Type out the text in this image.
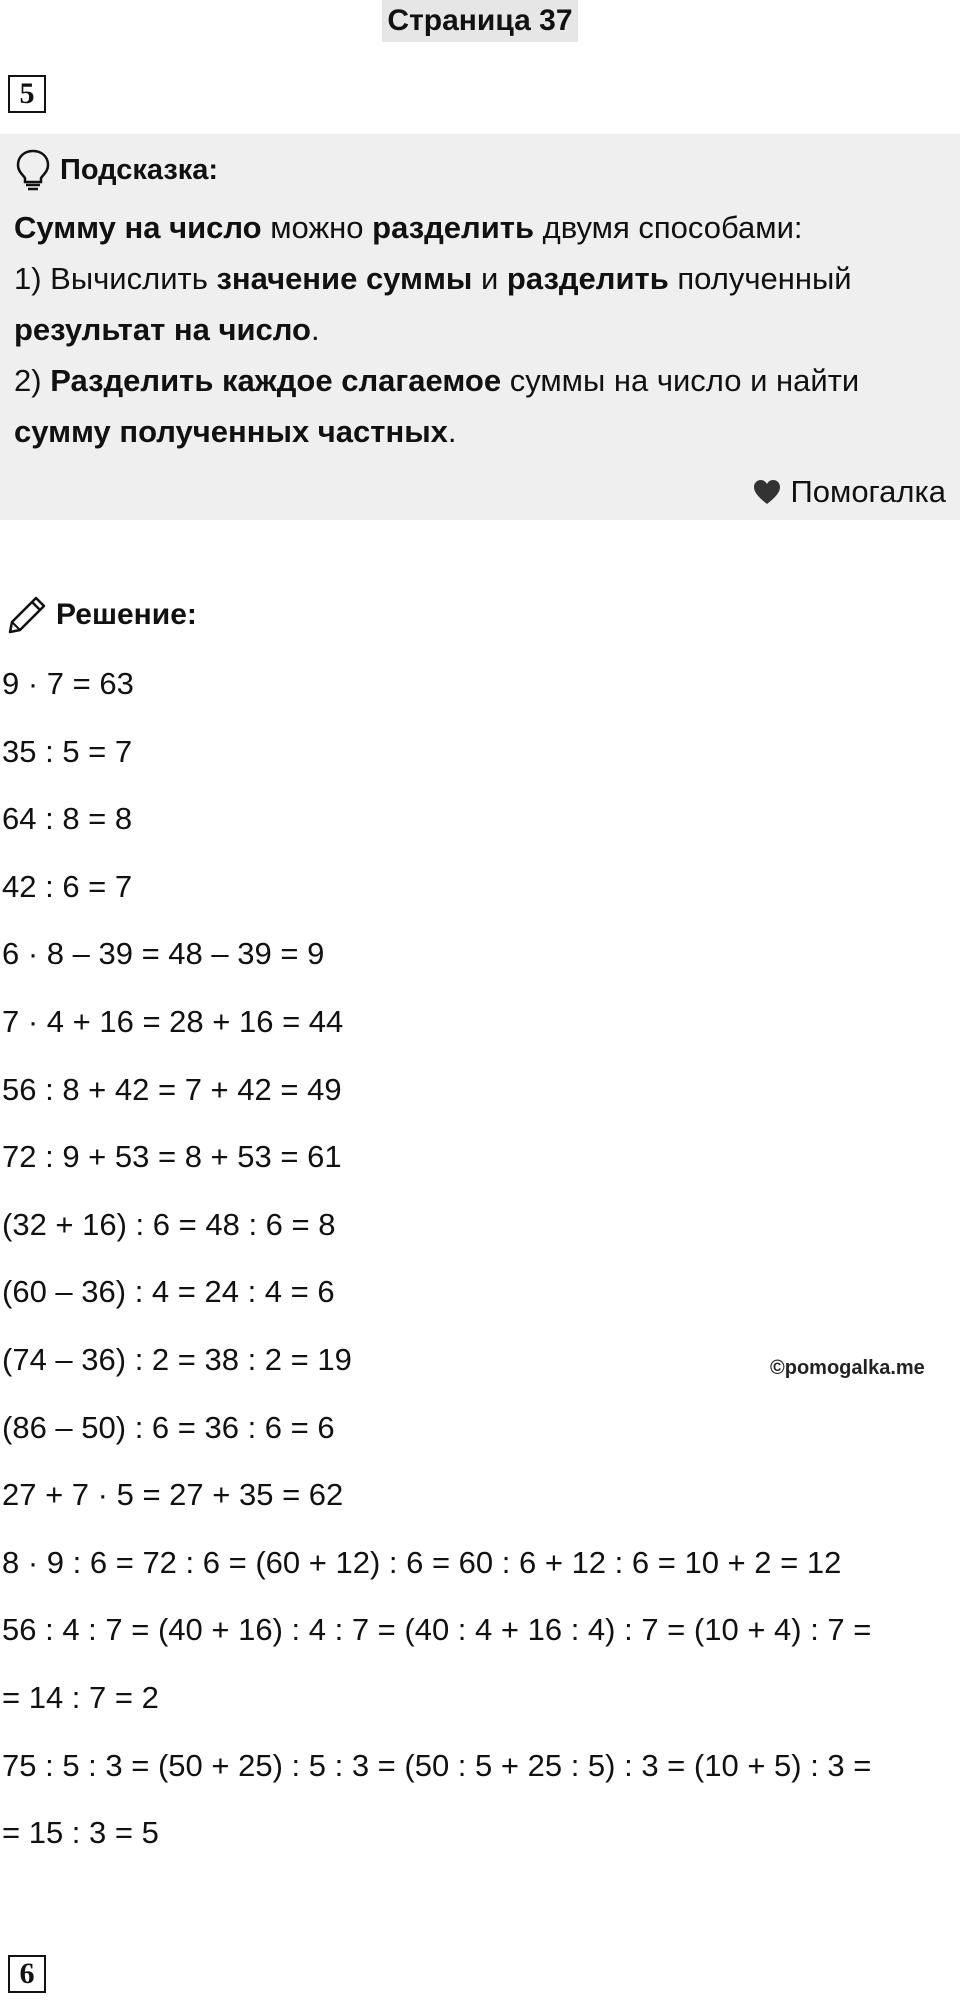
Страница 37
5
Подсказка:
Сумму на число можно разделить двумя способами:
1) Вычислить значение суммы и разделить полученный
результат на число.
2) Разделить каждое слагаемое суммы на число и найти
сумму полученных частных.
Помогалка
Решение:
9 · 7 = 63
35 : 5 = 7
64 : 8 = 8
42 : 6 = 7
6 · 8 – 39 = 48 – 39 = 9
7 · 4 + 16 = 28 + 16 = 44
56 : 8 + 42 = 7 + 42 = 49
72 : 9 + 53 = 8 + 53 = 61
(32 + 16) : 6 = 48 : 6 = 8
(60 – 36) : 4 = 24 : 4 = 6
(74 – 36) : 2 = 38 : 2 = 19
(86 – 50) : 6 = 36 : 6 = 6
27 + 7 · 5 = 27 + 35 = 62
8 · 9 : 6 = 72 : 6 = (60 + 12) : 6 = 60 : 6 + 12 : 6 = 10 + 2 = 12
56 : 4 : 7 = (40 + 16) : 4 : 7 = (40 : 4 + 16 : 4) : 7 = (10 + 4) : 7 =
= 14 : 7 = 2
75 : 5 : 3 = (50 + 25) : 5 : 3 = (50 : 5 + 25 : 5) : 3 = (10 + 5) : 3 =
= 15 : 3 = 5
©pomogalka.me
6
